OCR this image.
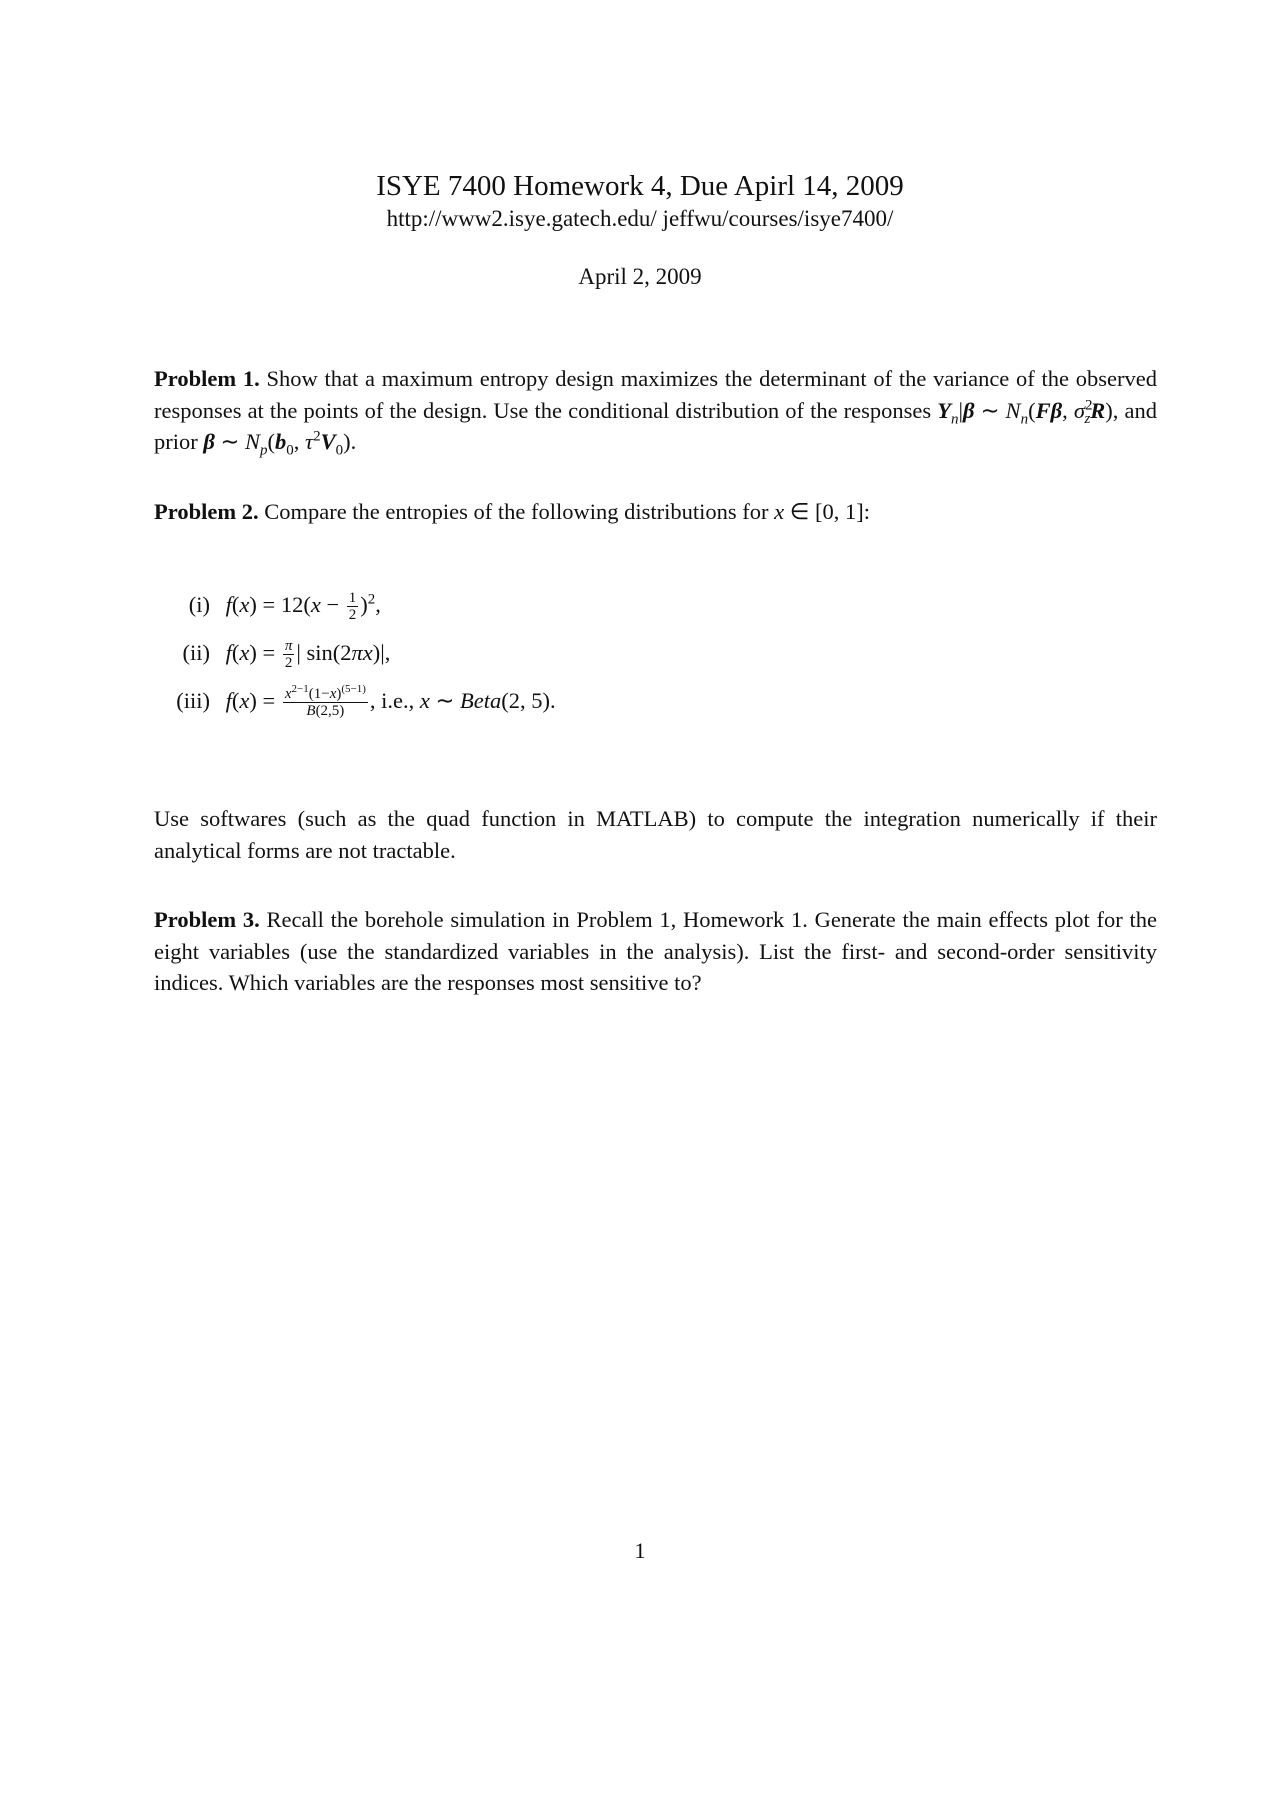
ISYE 7400 Homework 4, Due Apirl 14, 2009
http://www2.isye.gatech.edu/ jeffwu/courses/isye7400/
April 2, 2009
Problem 1. Show that a maximum entropy design maximizes the determinant of the variance of the observed responses at the points of the design. Use the conditional distribution of the responses $Y_n|\beta$ ∼ $N_n(F\beta$, $\sigma^2_zR$), and prior β ∼ $N_p(b_0$, $\tau^2V_0$).
Problem 2. Compare the entropies of the following distributions for x ∈ [0, 1]:
(i) $f(x) = 12(x - \frac{1}{2} )^2$,
(ii) $f(x) = \frac{\pi}{2}$ | sin(2πx)|,
(iii) $f(x) = \frac{x^{2-1}(1-x)^{(5-1)}}{B(2,5)}$ , i.e., x ∼ Beta(2, 5).
Use softwares (such as the quad function in MATLAB) to compute the integration numerically if their analytical forms are not tractable.
Problem 3. Recall the borehole simulation in Problem 1, Homework 1. Generate the main effects plot for the eight variables (use the standardized variables in the analysis). List the first- and second-order sensitivity indices. Which variables are the responses most sensitive to?
1
